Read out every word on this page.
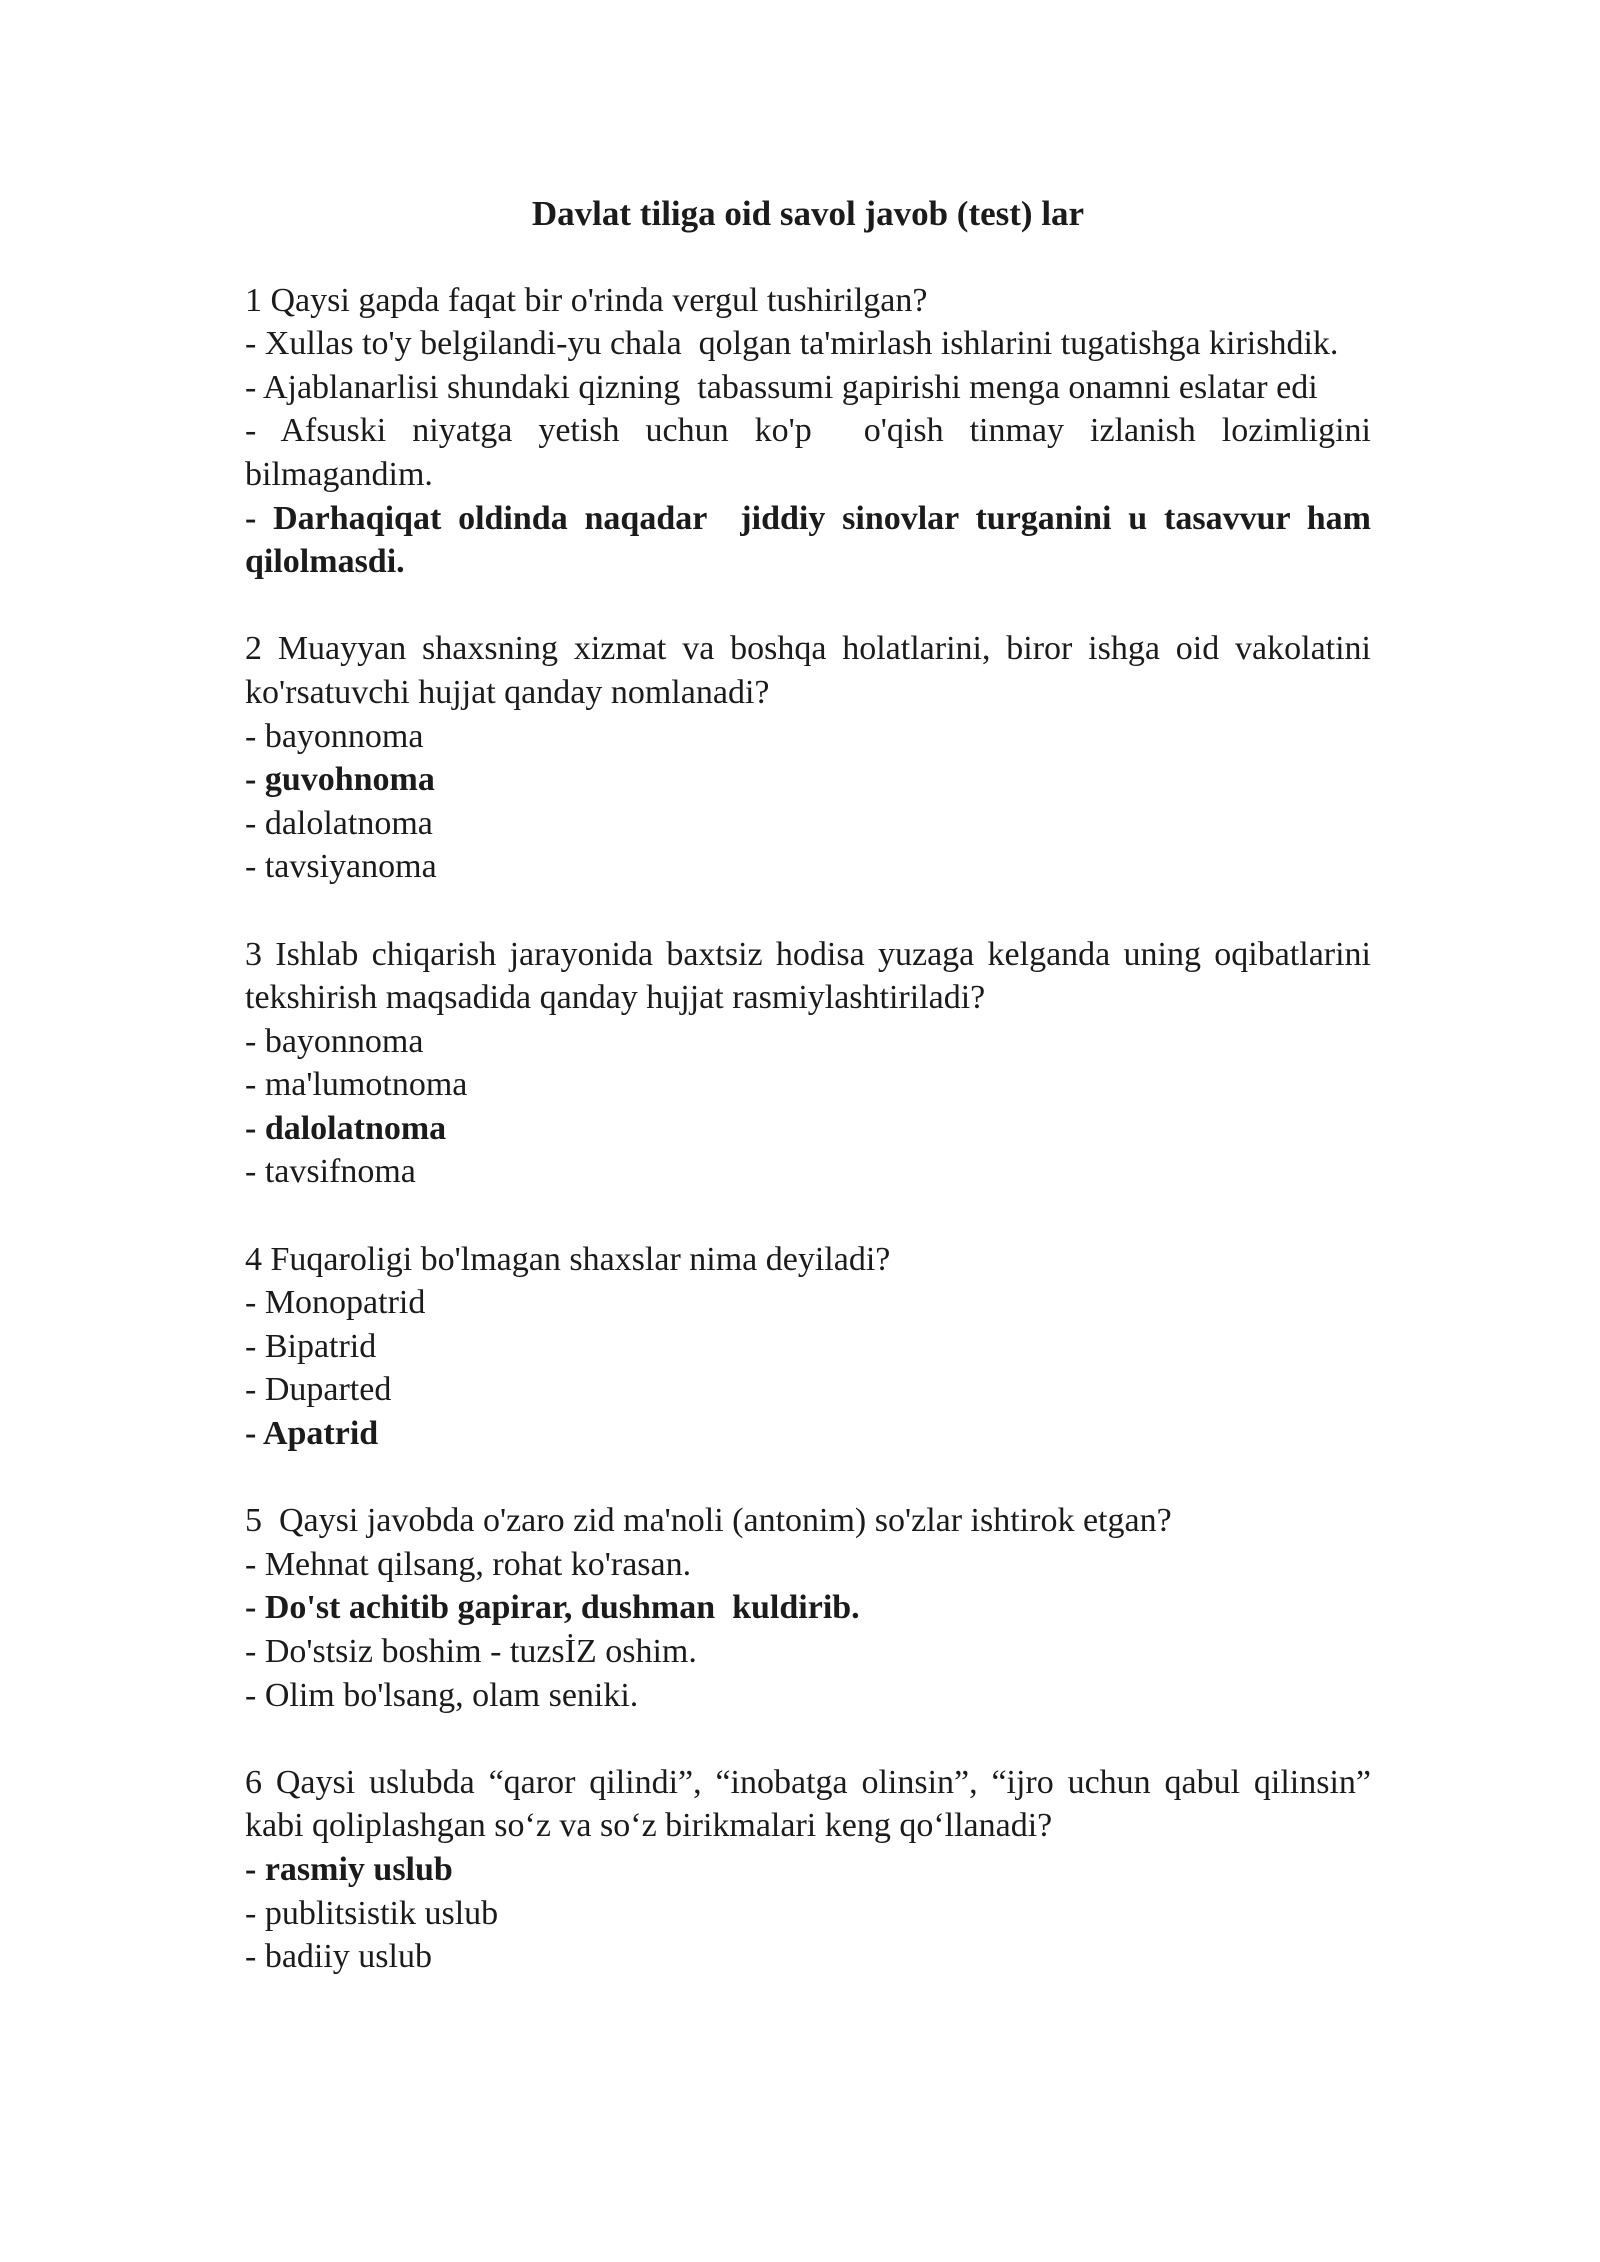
Davlat tiliga oid savol javob (test) lar
1 Qaysi gapda faqat bir o'rinda vergul tushirilgan?
- Xullas to'y belgilandi-yu chala  qolgan ta'mirlash ishlarini tugatishga kirishdik.
- Ajablanarlisi shundaki qizning  tabassumi gapirishi menga onamni eslatar edi
- Afsuski niyatga yetish uchun ko'p  o'qish tinmay izlanish lozimligini bilmagandim.
- Darhaqiqat oldinda naqadar  jiddiy sinovlar turganini u tasavvur ham qilolmasdi.
2 Muayyan shaxsning xizmat va boshqa holatlarini, biror ishga oid vakolatini ko'rsatuvchi hujjat qanday nomlanadi?
- bayonnoma
- guvohnoma
- dalolatnoma
- tavsiyanoma
3 Ishlab chiqarish jarayonida baxtsiz hodisa yuzaga kelganda uning oqibatlarini tekshirish maqsadida qanday hujjat rasmiylashtiriladi?
- bayonnoma
- ma'lumotnoma
- dalolatnoma
- tavsifnoma
4 Fuqaroligi bo'lmagan shaxslar nima deyiladi?
- Monopatrid
- Bipatrid
- Duparted
- Apatrid
5  Qaysi javobda o'zaro zid ma'noli (antonim) so'zlar ishtirok etgan?
- Mehnat qilsang, rohat ko'rasan.
- Do'st achitib gapirar, dushman  kuldirib.
- Do'stsiz boshim - tuzsİZ oshim.
- Olim bo'lsang, olam seniki.
6 Qaysi uslubda “qaror qilindi”, “inobatga olinsin”, “ijro uchun qabul qilinsin” kabi qoliplashgan so‘z va so‘z birikmalari keng qo‘llanadi?
- rasmiy uslub
- publitsistik uslub
- badiiy uslub
